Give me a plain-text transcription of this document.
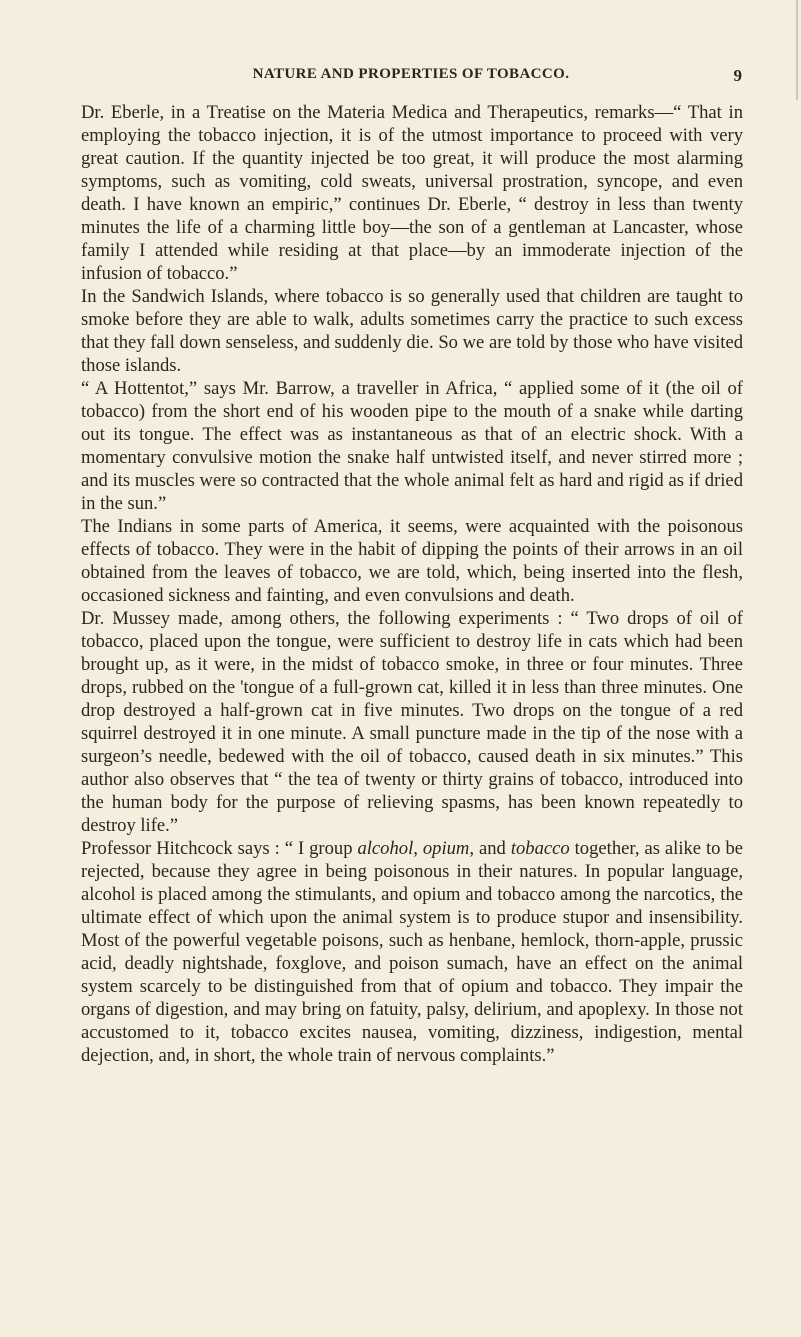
NATURE AND PROPERTIES OF TOBACCO.	9

Dr. Eberle, in a Treatise on the Materia Medica and Therapeutics, remarks—“ That in employing the tobacco injection, it is of the utmost importance to proceed with very great caution. If the quantity injected be too great, it will produce the most alarming symptoms, such as vomiting, cold sweats, universal prostration, syncope, and even death. I have known an empiric,” continues Dr. Eberle, “ destroy in less than twenty minutes the life of a charming little boy—the son of a gentleman at Lancaster, whose family I attended while residing at that place—by an immoderate injection of the infusion of tobacco.”

In the Sandwich Islands, where tobacco is so generally used that children are taught to smoke before they are able to walk, adults sometimes carry the practice to such excess that they fall down senseless, and suddenly die. So we are told by those who have visited those islands.

“ A Hottentot,” says Mr. Barrow, a traveller in Africa, “ applied some of it (the oil of tobacco) from the short end of his wooden pipe to the mouth of a snake while darting out its tongue. The effect was as instantaneous as that of an electric shock. With a momentary convulsive motion the snake half untwisted itself, and never stirred more ; and its muscles were so contracted that the whole animal felt as hard and rigid as if dried in the sun.”

The Indians in some parts of America, it seems, were acquainted with the poisonous effects of tobacco. They were in the habit of dipping the points of their arrows in an oil obtained from the leaves of tobacco, we are told, which, being inserted into the flesh, occasioned sickness and fainting, and even convulsions and death.

Dr. Mussey made, among others, the following experiments : “ Two drops of oil of tobacco, placed upon the tongue, were sufficient to destroy life in cats which had been brought up, as it were, in the midst of tobacco smoke, in three or four minutes. Three drops, rubbed on the 'tongue of a full-grown cat, killed it in less than three minutes. One drop destroyed a half-grown cat in five minutes. Two drops on the tongue of a red squirrel destroyed it in one minute. A small puncture made in the tip of the nose with a surgeon’s needle, bedewed with the oil of tobacco, caused death in six minutes.” This author also observes that “ the tea of twenty or thirty grains of tobacco, introduced into the human body for the purpose of relieving spasms, has been known repeatedly to destroy life.”

Professor Hitchcock says : “ I group alcohol, opium, and tobacco together, as alike to be rejected, because they agree in being poisonous in their natures. In popular language, alcohol is placed among the stimulants, and opium and tobacco among the narcotics, the ultimate effect of which upon the animal system is to produce stupor and insensibility. Most of the powerful vegetable poisons, such as henbane, hemlock, thorn-apple, prussic acid, deadly nightshade, foxglove, and poison sumach, have an effect on the animal system scarcely to be distinguished from that of opium and tobacco. They impair the organs of digestion, and may bring on fatuity, palsy, delirium, and apoplexy. In those not accustomed to it, tobacco excites nausea, vomiting, dizziness, indigestion, mental dejection, and, in short, the whole train of nervous complaints.”
